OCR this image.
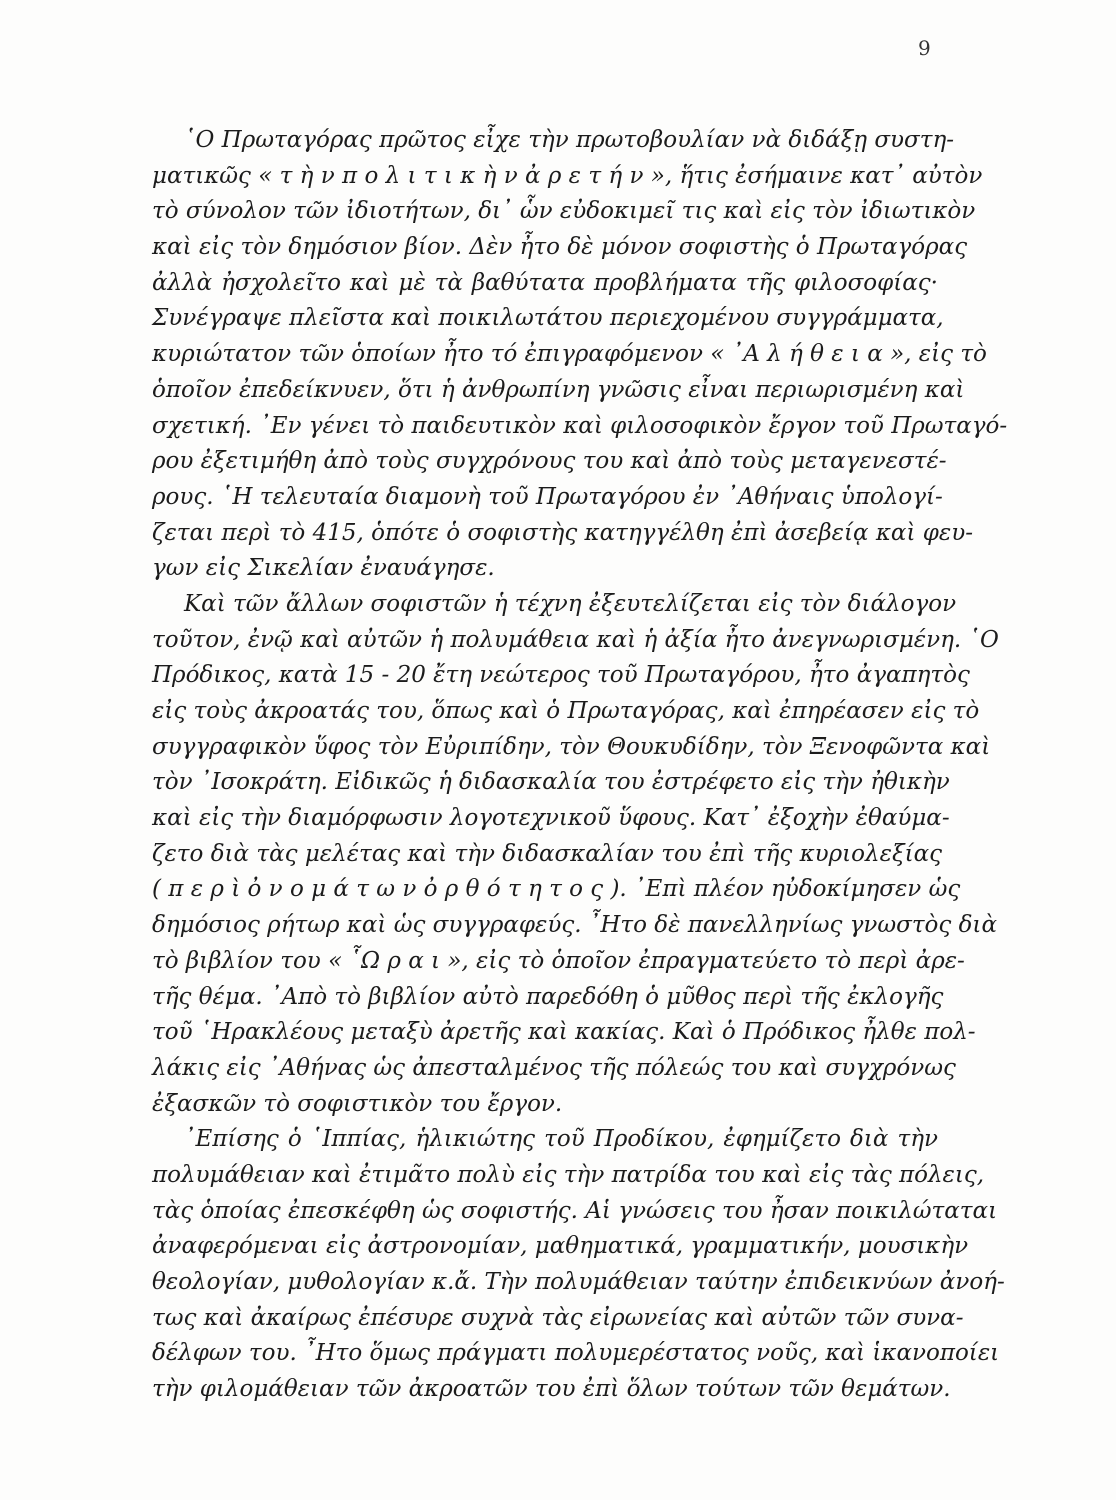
9
῾Ο Πρωταγόρας πρῶτος εἶχε τὴν πρωτοβουλίαν νὰ διδάξῃ συστη-
ματικῶς « τ ὴ ν π ο λ ι τ ι κ ὴ ν ἀ ρ ε τ ή ν », ἥτις ἐσήμαινε κατ᾽ αὐτὸν
τὸ σύνολον τῶν ἰδιοτήτων, δι᾽ ὧν εὐδοκιμεῖ τις καὶ εἰς τὸν ἰδιωτικὸν
καὶ εἰς τὸν δημόσιον βίον. Δὲν ἦτο δὲ μόνον σοφιστὴς ὁ Πρωταγόρας
ἀλλὰ ἠσχολεῖτο καὶ μὲ τὰ βαθύτατα προβλήματα τῆς φιλοσοφίας·
Συνέγραψε πλεῖστα καὶ ποικιλωτάτου περιεχομένου συγγράμματα,
κυριώτατον τῶν ὁποίων ἦτο τό ἐπιγραφόμενον « ᾿Α λ ή θ ε ι α », εἰς τὸ
ὁποῖον ἐπεδείκνυεν, ὅτι ἡ ἀνθρωπίνη γνῶσις εἶναι περιωρισμένη καὶ
σχετική. ᾿Εν γένει τὸ παιδευτικὸν καὶ φιλοσοφικὸν ἔργον τοῦ Πρωταγό-
ρου ἐξετιμήθη ἀπὸ τοὺς συγχρόνους του καὶ ἀπὸ τοὺς μεταγενεστέ-
ρους. ῾Η τελευταία διαμονὴ τοῦ Πρωταγόρου ἐν ᾿Αθήναις ὑπολογί-
ζεται περὶ τὸ 415, ὁπότε ὁ σοφιστὴς κατηγγέλθη ἐπὶ ἀσεβείᾳ καὶ φευ-
γων εἰς Σικελίαν ἐναυάγησε.
Καὶ τῶν ἄλλων σοφιστῶν ἡ τέχνη ἐξευτελίζεται εἰς τὸν διάλογον
τοῦτον, ἐνῷ καὶ αὐτῶν ἡ πολυμάθεια καὶ ἡ ἀξία ἦτο ἀνεγνωρισμένη. ῾Ο
Πρόδικος, κατὰ 15 - 20 ἔτη νεώτερος τοῦ Πρωταγόρου, ἦτο ἀγαπητὸς
εἰς τοὺς ἀκροατάς του, ὅπως καὶ ὁ Πρωταγόρας, καὶ ἐπηρέασεν εἰς τὸ
συγγραφικὸν ὕφος τὸν Εὐριπίδην, τὸν Θουκυδίδην, τὸν Ξενοφῶντα καὶ
τὸν ᾿Ισοκράτη. Εἰδικῶς ἡ διδασκαλία του ἐστρέφετο εἰς τὴν ἠθικὴν
καὶ εἰς τὴν διαμόρφωσιν λογοτεχνικοῦ ὕφους. Κατ᾽ ἐξοχὴν ἐθαύμα-
ζετο διὰ τὰς μελέτας καὶ τὴν διδασκαλίαν του ἐπὶ τῆς κυριολεξίας
( π ε ρ ὶ ὀ ν ο μ ά τ ω ν ὀ ρ θ ό τ η τ ο ς ). ᾿Επὶ πλέον ηὐδοκίμησεν ὡς
δημόσιος ρήτωρ καὶ ὡς συγγραφεύς. ῏Ητο δὲ πανελληνίως γνωστὸς διὰ
τὸ βιβλίον του « ῟Ω ρ α ι », εἰς τὸ ὁποῖον ἐπραγματεύετο τὸ περὶ ἀρε-
τῆς θέμα. ᾿Απὸ τὸ βιβλίον αὐτὸ παρεδόθη ὁ μῦθος περὶ τῆς ἐκλογῆς
τοῦ ῾Ηρακλέους μεταξὺ ἀρετῆς καὶ κακίας. Καὶ ὁ Πρόδικος ἦλθε πολ-
λάκις εἰς ᾿Αθήνας ὡς ἀπεσταλμένος τῆς πόλεώς του καὶ συγχρόνως
ἐξασκῶν τὸ σοφιστικὸν του ἔργον.
᾿Επίσης ὁ ῾Ιππίας, ἡλικιώτης τοῦ Προδίκου, ἐφημίζετο διὰ τὴν
πολυμάθειαν καὶ ἐτιμᾶτο πολὺ εἰς τὴν πατρίδα του καὶ εἰς τὰς πόλεις,
τὰς ὁποίας ἐπεσκέφθη ὡς σοφιστής. Αἱ γνώσεις του ἦσαν ποικιλώταται
ἀναφερόμεναι εἰς ἀστρονομίαν, μαθηματικά, γραμματικήν, μουσικὴν
θεολογίαν, μυθολογίαν κ.ἄ. Τὴν πολυμάθειαν ταύτην ἐπιδεικνύων ἀνοή-
τως καὶ ἀκαίρως ἐπέσυρε συχνὰ τὰς εἰρωνείας καὶ αὐτῶν τῶν συνα-
δέλφων του. ῏Ητο ὅμως πράγματι πολυμερέστατος νοῦς, καὶ ἱκανοποίει
τὴν φιλομάθειαν τῶν ἀκροατῶν του ἐπὶ ὅλων τούτων τῶν θεμάτων.
